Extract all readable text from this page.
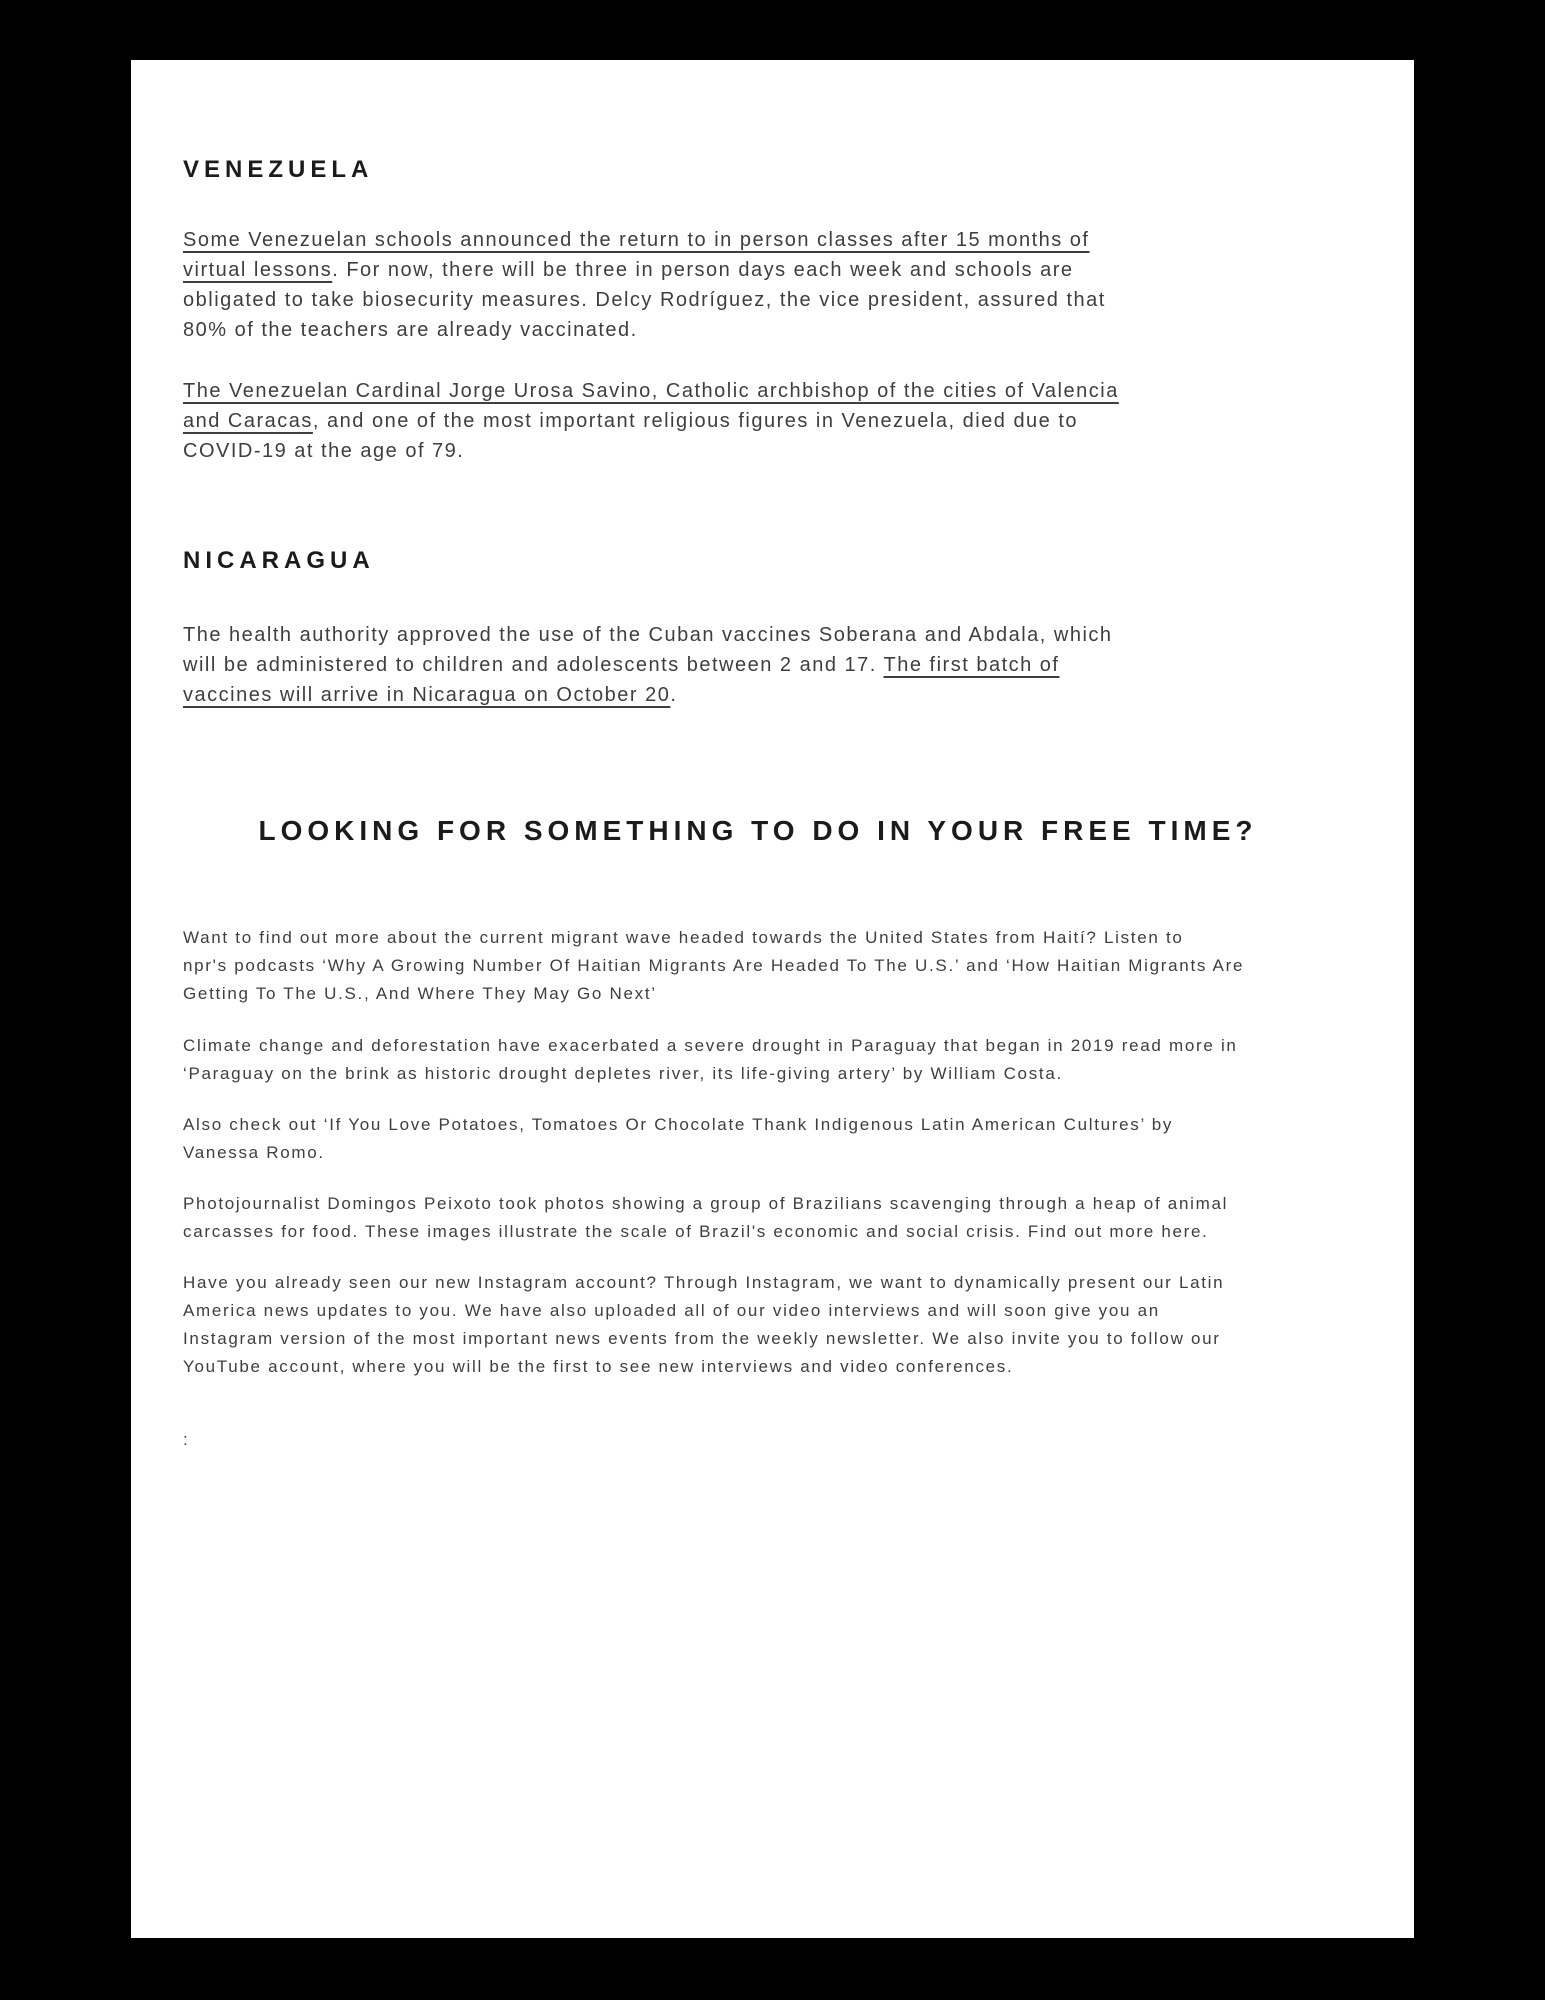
VENEZUELA
Some Venezuelan schools announced the return to in person classes after 15 months of
virtual lessons. For now, there will be three in person days each week and schools are
obligated to take biosecurity measures. Delcy Rodríguez, the vice president, assured that
80% of the teachers are already vaccinated.
The Venezuelan Cardinal Jorge Urosa Savino, Catholic archbishop of the cities of Valencia
and Caracas, and one of the most important religious figures in Venezuela, died due to
COVID-19 at the age of 79.
NICARAGUA
The health authority approved the use of the Cuban vaccines Soberana and Abdala, which
will be administered to children and adolescents between 2 and 17. The first batch of
vaccines will arrive in Nicaragua on October 20.
LOOKING FOR SOMETHING TO DO IN YOUR FREE TIME?
Want to find out more about the current migrant wave headed towards the United States from Haití? Listen to
npr's podcasts ‘Why A Growing Number Of Haitian Migrants Are Headed To The U.S.’ and ‘How Haitian Migrants Are
Getting To The U.S., And Where They May Go Next’
Climate change and deforestation have exacerbated a severe drought in Paraguay that began in 2019 read more in
‘Paraguay on the brink as historic drought depletes river, its life-giving artery’ by William Costa.
Also check out ‘If You Love Potatoes, Tomatoes Or Chocolate Thank Indigenous Latin American Cultures’ by
Vanessa Romo.
Photojournalist Domingos Peixoto took photos showing a group of Brazilians scavenging through a heap of animal
carcasses for food. These images illustrate the scale of Brazil's economic and social crisis. Find out more here.
Have you already seen our new Instagram account? Through Instagram, we want to dynamically present our Latin
America news updates to you. We have also uploaded all of our video interviews and will soon give you an
Instagram version of the most important news events from the weekly newsletter. We also invite you to follow our
YouTube account, where you will be the first to see new interviews and video conferences.
:
